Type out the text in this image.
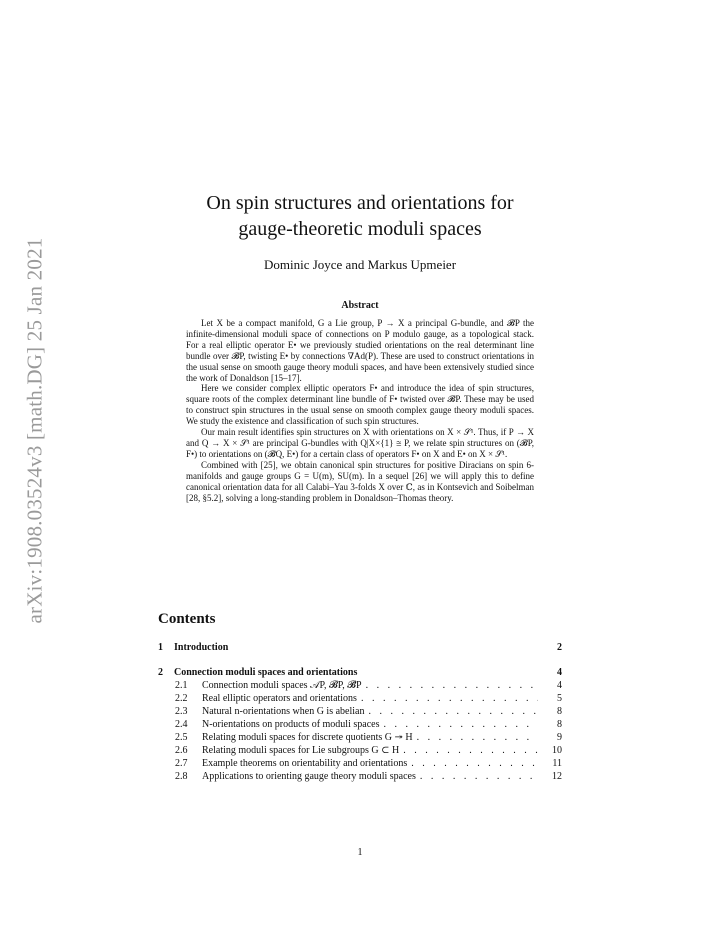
arXiv:1908.03524v3 [math.DG] 25 Jan 2021
On spin structures and orientations for
gauge-theoretic moduli spaces
Dominic Joyce and Markus Upmeier
Abstract

Let X be a compact manifold, G a Lie group, P → X a principal G-bundle, and 𝓑P the infinite-dimensional moduli space of connections on P modulo gauge, as a topological stack. For a real elliptic operator E• we previously studied orientations on the real determinant line bundle over 𝓑P, twisting E• by connections ∇Ad(P). These are used to construct orientations in the usual sense on smooth gauge theory moduli spaces, and have been extensively studied since the work of Donaldson [15–17].

Here we consider complex elliptic operators F• and introduce the idea of spin structures, square roots of the complex determinant line bundle of F• twisted over 𝓑P. These may be used to construct spin structures in the usual sense on smooth complex gauge theory moduli spaces. We study the existence and classification of such spin structures.

Our main result identifies spin structures on X with orientations on X × 𝒮¹. Thus, if P → X and Q → X × 𝒮¹ are principal G-bundles with Q|X×{1} ≅ P, we relate spin structures on (𝓑P, F•) to orientations on (𝓑Q, E•) for a certain class of operators F• on X and E• on X × 𝒮¹.

Combined with [25], we obtain canonical spin structures for positive Diracians on spin 6-manifolds and gauge groups G = U(m), SU(m). In a sequel [26] we will apply this to define canonical orientation data for all Calabi–Yau 3-folds X over ℂ, as in Kontsevich and Soibelman [28, §5.2], solving a long-standing problem in Donaldson–Thomas theory.

Contents
1	Introduction	2
2	Connection moduli spaces and orientations	4
2.1	Connection moduli spaces 𝒜P, 𝓑P, 𝓑̄P . . .	4
2.2	Real elliptic operators and orientations . . .	5
2.3	Natural n-orientations when G is abelian . . .	8
2.4	N-orientations on products of moduli spaces . . .	8
2.5	Relating moduli spaces for discrete quotients G ↠ H . . .	9
2.6	Relating moduli spaces for Lie subgroups G ⊂ H . . .	10
2.7	Example theorems on orientability and orientations . . .	11
2.8	Applications to orienting gauge theory moduli spaces . . .	12
1
